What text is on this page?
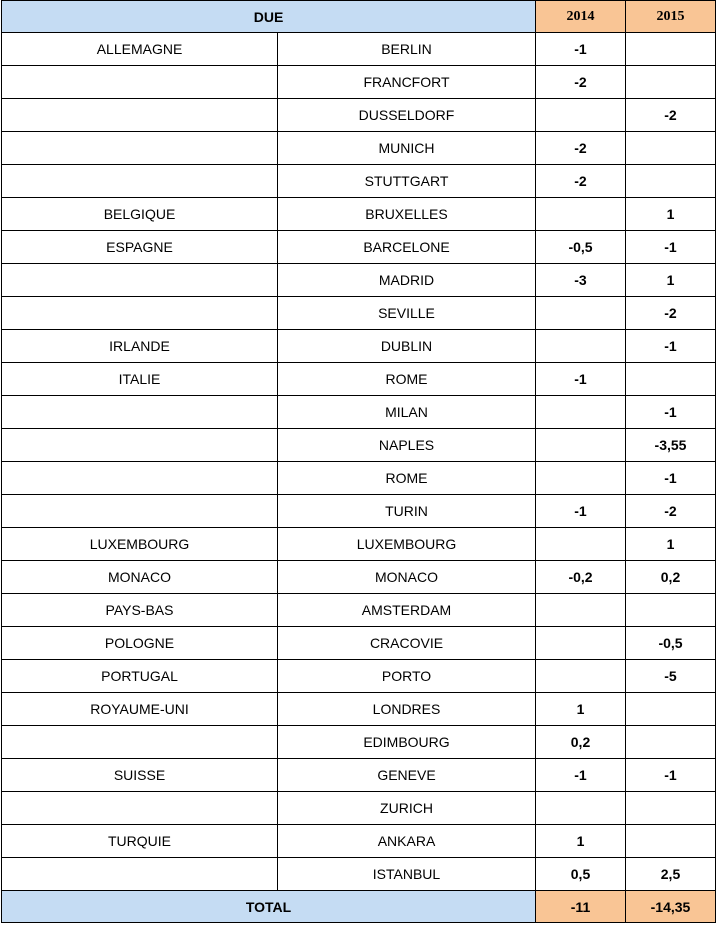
DUE		2014	2015
ALLEMAGNE	BERLIN	-1	
	FRANCFORT	-2	
	DUSSELDORF		-2
	MUNICH	-2	
	STUTTGART	-2	
BELGIQUE	BRUXELLES		1
ESPAGNE	BARCELONE	-0,5	-1
	MADRID	-3	1
	SEVILLE		-2
IRLANDE	DUBLIN		-1
ITALIE	ROME	-1	
	MILAN		-1
	NAPLES		-3,55
	ROME		-1
	TURIN	-1	-2
LUXEMBOURG	LUXEMBOURG		1
MONACO	MONACO	-0,2	0,2
PAYS-BAS	AMSTERDAM		
POLOGNE	CRACOVIE		-0,5
PORTUGAL	PORTO		-5
ROYAUME-UNI	LONDRES	1	
	EDIMBOURG	0,2	
SUISSE	GENEVE	-1	-1
	ZURICH		
TURQUIE	ANKARA	1	
	ISTANBUL	0,5	2,5
TOTAL		-11	-14,35
